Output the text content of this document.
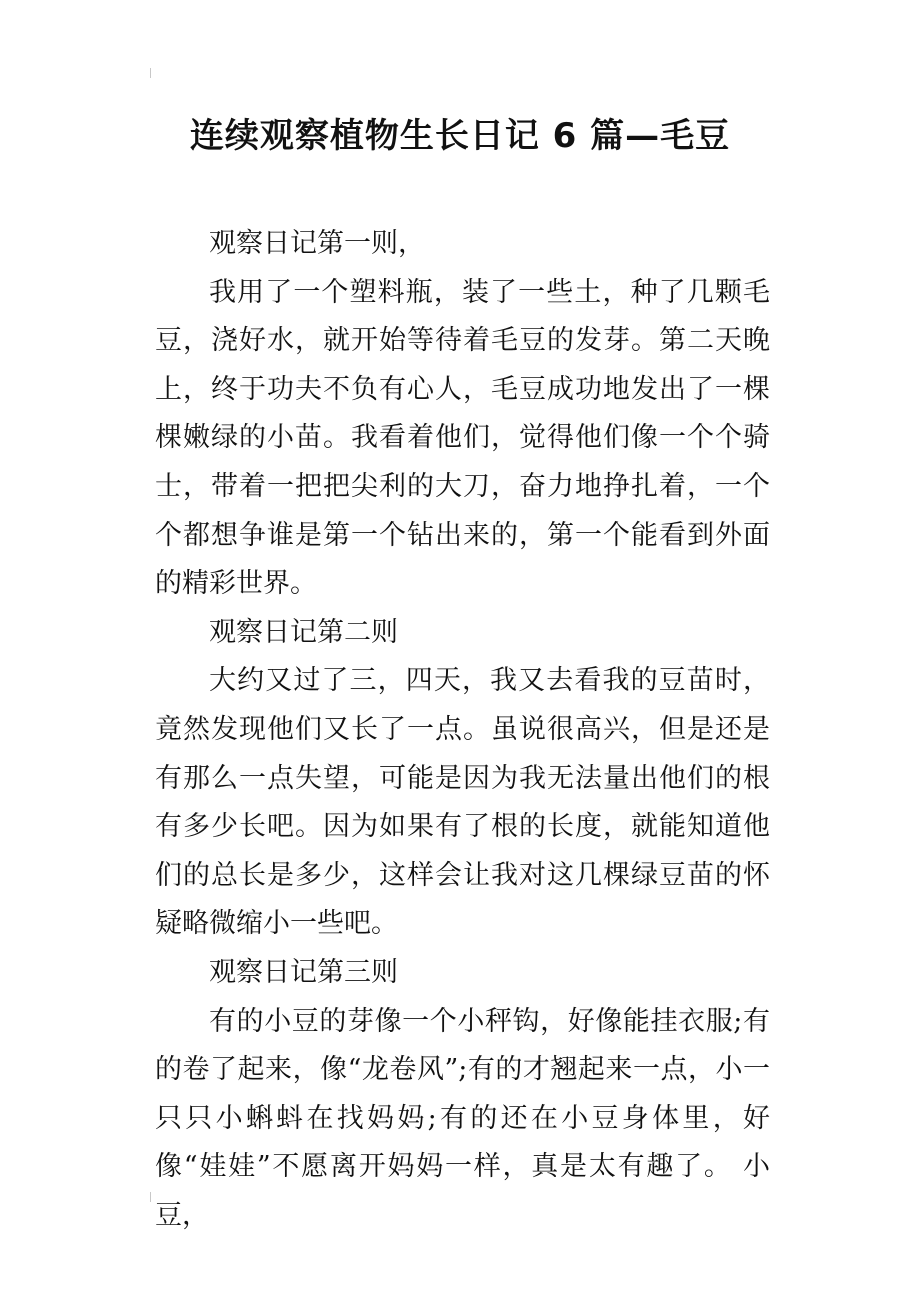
连续观察植物生长日记 6 篇—毛豆

观察日记第一则，

我用了一个塑料瓶，装了一些土，种了几颗毛豆，浇好水，就开始等待着毛豆的发芽。第二天晚上，终于功夫不负有心人，毛豆成功地发出了一棵棵嫩绿的小苗。我看着他们，觉得他们像一个个骑士，带着一把把尖利的大刀，奋力地挣扎着，一个个都想争谁是第一个钻出来的，第一个能看到外面的精彩世界。

观察日记第二则

大约又过了三，四天，我又去看我的豆苗时，竟然发现他们又长了一点。虽说很高兴，但是还是有那么一点失望，可能是因为我无法量出他们的根有多少长吧。因为如果有了根的长度，就能知道他们的总长是多少，这样会让我对这几棵绿豆苗的怀疑略微缩小一些吧。

观察日记第三则

有的小豆的芽像一个小秤钩，好像能挂衣服;有的卷了起来，像“龙卷风”;有的才翘起来一点，小一只只小蝌蚪在找妈妈;有的还在小豆身体里，好像“娃娃”不愿离开妈妈一样，真是太有趣了。 小豆，
